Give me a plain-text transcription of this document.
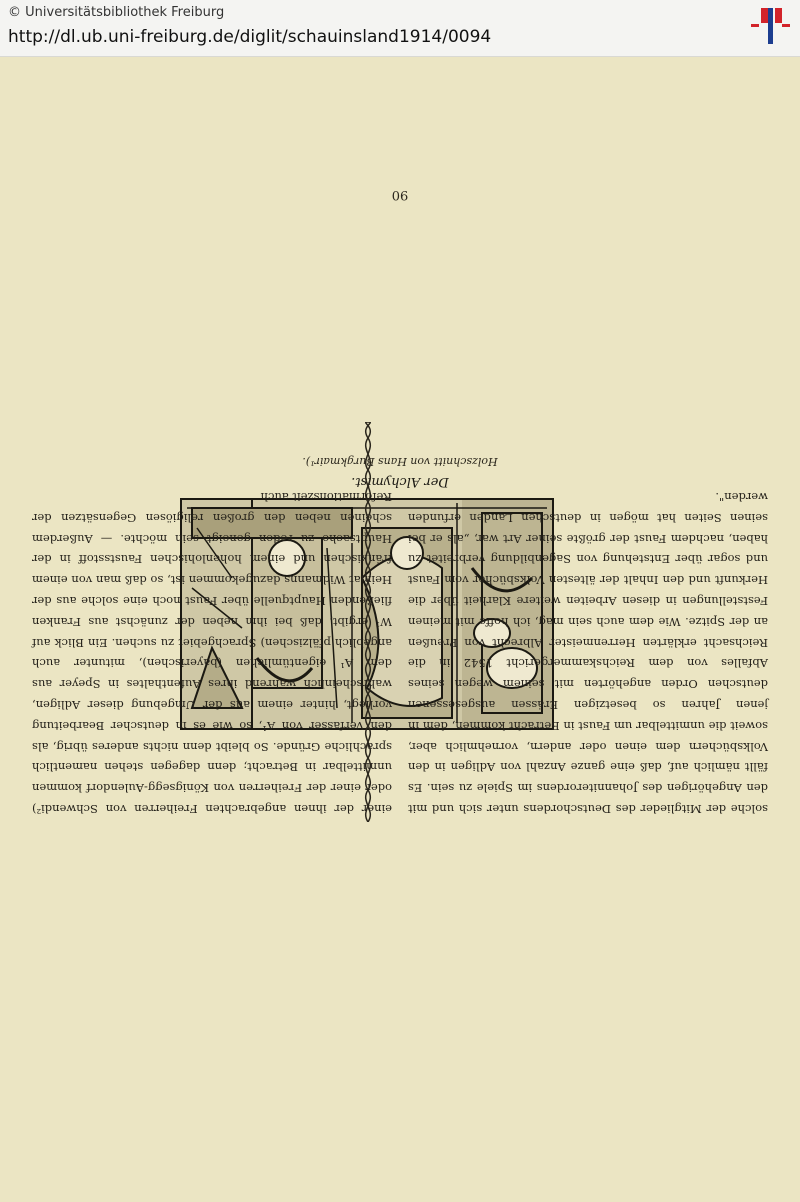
© Universitätsbibliothek Freiburg
http://dl.ub.uni-freiburg.de/diglit/schauinsland1914/0094
90
Der Alchymist.
Holzschnitt von Hans Burgkmair¹).

solche der Mitglieder des Deutschordens unter sich und mit den Angehörigen des Johanniterordens im Spiele zu sein. Es fällt nämlich auf, daß eine ganze Anzahl von Adligen in den Volksbüchern dem einen oder andern, vornehmlich aber, soweit die unmittelbar um Faust in Betracht kommen, dem in jenen Jahren so besetzigen Erässen ausgesessenen deutschen Orden angehörten mit seinem wegen seines Abfalles von dem Reichskammergericht 1542 in die Reichsacht erklärten Herrenmeister Albrecht von Preußen an der Spitze. Wie dem auch sein mag, ich hoffe mit meinen Feststellungen in diesen Arbeiten weitere Klarheit über die Herkunft und den Inhalt der ältesten Volksbücher vom Faust und sogar über Entstehung von Sagenbildung verbreitet zu haben, nachdem Faust der größte seiner Art war, „als er bei seinen Seiten hat mögen in deutschen Landen erfunden werden".

einer der ihnen angebrachten Freiherren von Schwendi²) oder einer der Freiherren von Königsegg-Aulendorf kommen unmittelbar in Betracht; denn dagegen stehen namentlich sprachliche Gründe. So bleibt denn nichts anderes übrig, als den Verfasser von A¹, so wie es in deutscher Bearbeitung vorliegt, hinter einem aus der Umgebung dieser Adligen, wahrscheinlich während ihres Aufenthaltes in Speyer aus dem A¹ eigentümlichen (bayerischen), mitunter auch angeblich pfälzischen) Sprachgebiet zu suchen. Ein Blick auf W¹ ergibt, daß bei ihm neben der zunächst aus Franken fließenden Hauptquelle über Faust noch eine solche aus der Heimat Widmanns dazugekommen ist, so daß man von einem fränkischen und einem hohenlohischen Faustsstoff in der Hauptsache zu reden geneigt sein möchte. — Außerdem scheinen neben den großen religiösen Gegensätzen der Reformationszeit auch
